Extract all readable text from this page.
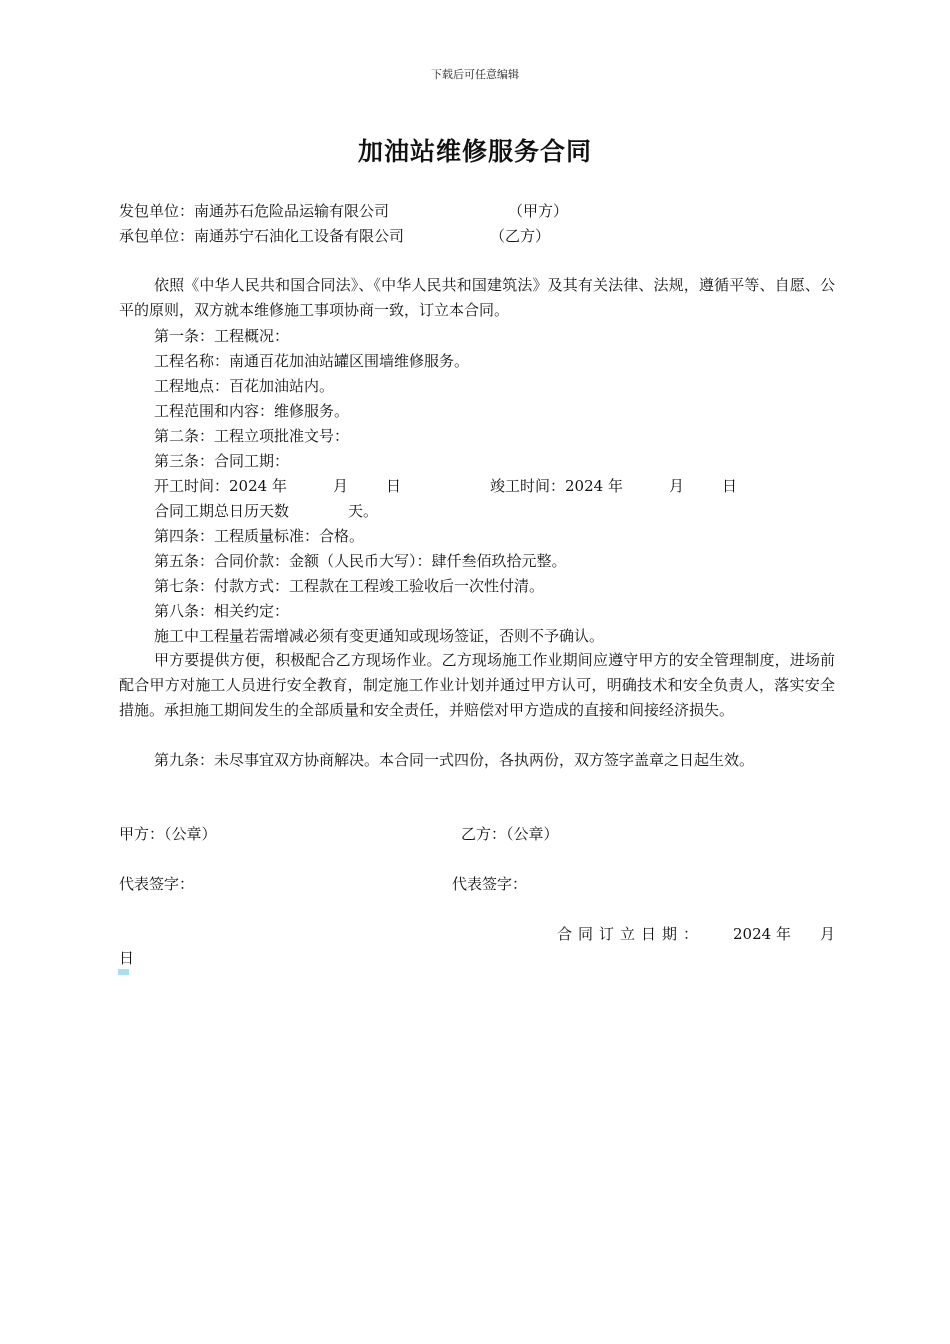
下载后可任意编辑
加油站维修服务合同
发包单位：南通苏石危险品运输有限公司	（甲方）
承包单位：南通苏宁石油化工设备有限公司	（乙方）

依照《中华人民共和国合同法》、《中华人民共和国建筑法》及其有关法律、法规，遵循平等、自愿、公平的原则，双方就本维修施工事项协商一致，订立本合同。

第一条：工程概况：
工程名称：南通百花加油站罐区围墙维修服务。
工程地点：百花加油站内。
工程范围和内容：维修服务。
第二条：工程立项批准文号：
第三条：合同工期：
开工时间：2024 年	月	日	竣工时间：2024 年	月	日
合同工期总日历天数	天。
第四条：工程质量标准：合格。
第五条：合同价款：金额（人民币大写）：肆仟叁佰玖拾元整。
第七条：付款方式：工程款在工程竣工验收后一次性付清。
第八条：相关约定：
施工中工程量若需增减必须有变更通知或现场签证，否则不予确认。

甲方要提供方便，积极配合乙方现场作业。乙方现场施工作业期间应遵守甲方的安全管理制度，进场前配合甲方对施工人员进行安全教育，制定施工作业计划并通过甲方认可，明确技术和安全负责人，落实安全措施。承担施工期间发生的全部质量和安全责任，并赔偿对甲方造成的直接和间接经济损失。

第九条：未尽事宜双方协商解决。本合同一式四份，各执两份，双方签字盖章之日起生效。

甲方：（公章）	乙方：（公章）
代表签字：	代表签字：
合同订立日期： 2024 年 月
日
